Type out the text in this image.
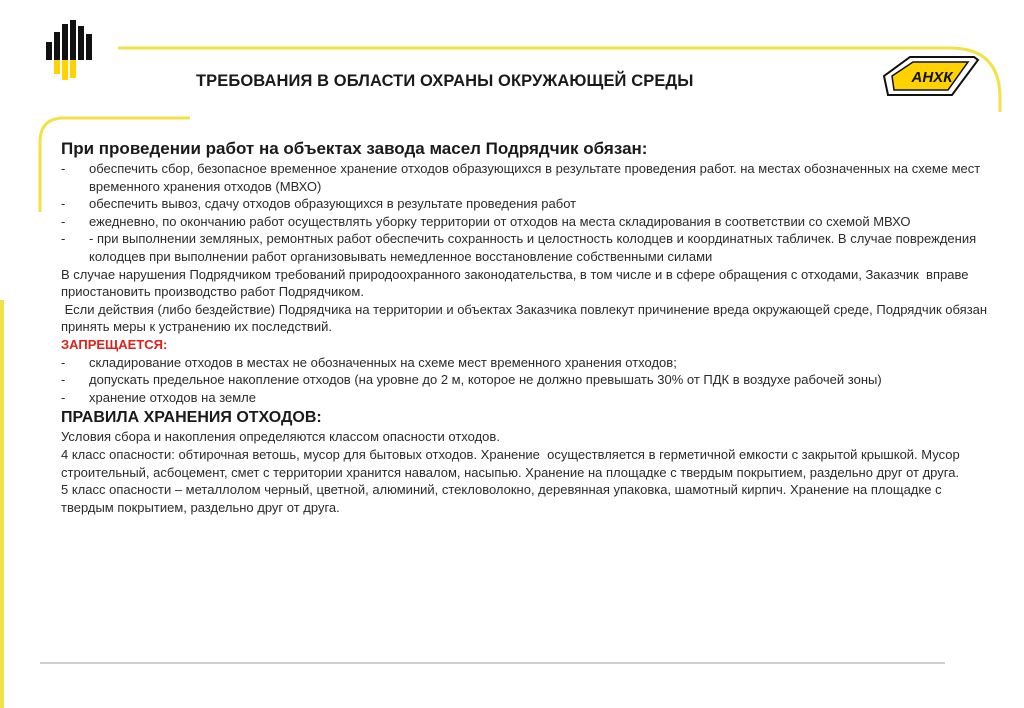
АНХК
ТРЕБОВАНИЯ В ОБЛАСТИ ОХРАНЫ ОКРУЖАЮЩЕЙ СРЕДЫ
При проведении работ на объектах завода масел Подрядчик обязан:
-	обеспечить сбор, безопасное временное хранение отходов образующихся в результате проведения работ. на местах обозначенных на схеме мест временного хранения отходов (МВХО)
-	обеспечить вывоз, сдачу отходов образующихся в результате проведения работ
-	ежедневно, по окончанию работ осуществлять уборку территории от отходов на места складирования в соответствии со схемой МВХО
-	- при выполнении земляных, ремонтных работ обеспечить сохранность и целостность колодцев и координатных табличек. В случае повреждения колодцев при выполнении работ организовывать немедленное восстановление собственными силами
В случае нарушения Подрядчиком требований природоохранного законодательства, в том числе и в сфере обращения с отходами, Заказчик  вправе приостановить производство работ Подрядчиком.
Если действия (либо бездействие) Подрядчика на территории и объектах Заказчика повлекут причинение вреда окружающей среде, Подрядчик обязан принять меры к устранению их последствий.
ЗАПРЕЩАЕТСЯ:
-	складирование отходов в местах не обозначенных на схеме мест временного хранения отходов;
-	допускать предельное накопление отходов (на уровне до 2 м, которое не должно превышать 30% от ПДК в воздухе рабочей зоны)
-	хранение отходов на земле
ПРАВИЛА ХРАНЕНИЯ ОТХОДОВ:
Условия сбора и накопления определяются классом опасности отходов.
4 класс опасности: обтирочная ветошь, мусор для бытовых отходов. Хранение  осуществляется в герметичной емкости с закрытой крышкой. Мусор строительный, асбоцемент, смет с территории хранится навалом, насыпью. Хранение на площадке с твердым покрытием, раздельно друг от друга.
5 класс опасности – металлолом черный, цветной, алюминий, стекловолокно, деревянная упаковка, шамотный кирпич. Хранение на площадке с твердым покрытием, раздельно друг от друга.
